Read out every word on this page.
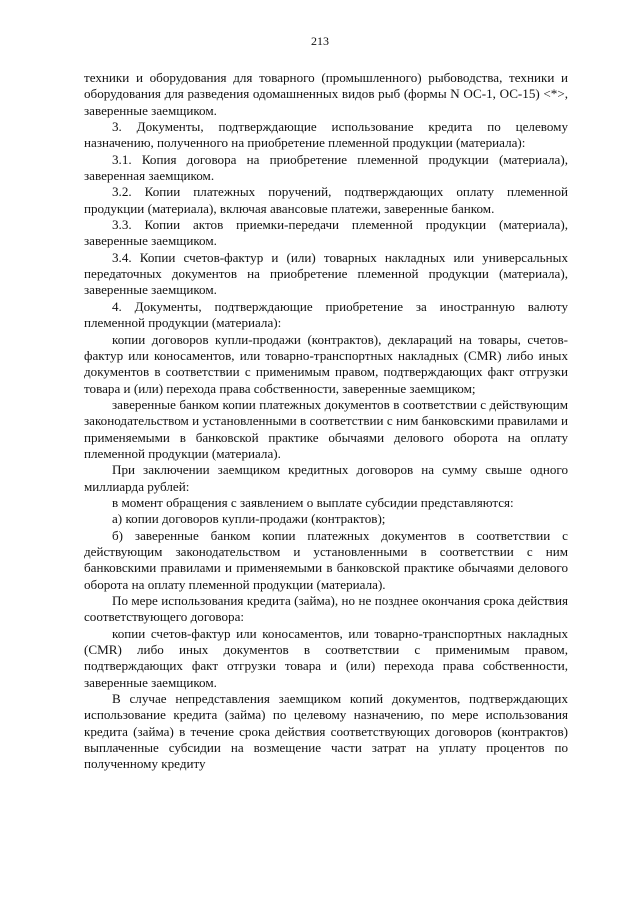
213

техники и оборудования для товарного (промышленного) рыбоводства, техники и оборудования для разведения одомашненных видов рыб (формы N ОС-1, ОС-15) <*>, заверенные заемщиком.

3. Документы, подтверждающие использование кредита по целевому назначению, полученного на приобретение племенной продукции (материала):

3.1. Копия договора на приобретение племенной продукции (материала), заверенная заемщиком.

3.2. Копии платежных поручений, подтверждающих оплату племенной продукции (материала), включая авансовые платежи, заверенные банком.

3.3. Копии актов приемки-передачи племенной продукции (материала), заверенные заемщиком.

3.4. Копии счетов-фактур и (или) товарных накладных или универсальных передаточных документов на приобретение племенной продукции (материала), заверенные заемщиком.

4. Документы, подтверждающие приобретение за иностранную валюту племенной продукции (материала):

копии договоров купли-продажи (контрактов), деклараций на товары, счетов-фактур или коносаментов, или товарно-транспортных накладных (CMR) либо иных документов в соответствии с применимым правом, подтверждающих факт отгрузки товара и (или) перехода права собственности, заверенные заемщиком;

заверенные банком копии платежных документов в соответствии с действующим законодательством и установленными в соответствии с ним банковскими правилами и применяемыми в банковской практике обычаями делового оборота на оплату племенной продукции (материала).

При заключении заемщиком кредитных договоров на сумму свыше одного миллиарда рублей:

в момент обращения с заявлением о выплате субсидии представляются:

а) копии договоров купли-продажи (контрактов);

б) заверенные банком копии платежных документов в соответствии с действующим законодательством и установленными в соответствии с ним банковскими правилами и применяемыми в банковской практике обычаями делового оборота на оплату племенной продукции (материала).

По мере использования кредита (займа), но не позднее окончания срока действия соответствующего договора:

копии счетов-фактур или коносаментов, или товарно-транспортных накладных (CMR) либо иных документов в соответствии с применимым правом, подтверждающих факт отгрузки товара и (или) перехода права собственности, заверенные заемщиком.

В случае непредставления заемщиком копий документов, подтверждающих использование кредита (займа) по целевому назначению, по мере использования кредита (займа) в течение срока действия соответствующих договоров (контрактов) выплаченные субсидии на возмещение части затрат на уплату процентов по полученному кредиту
